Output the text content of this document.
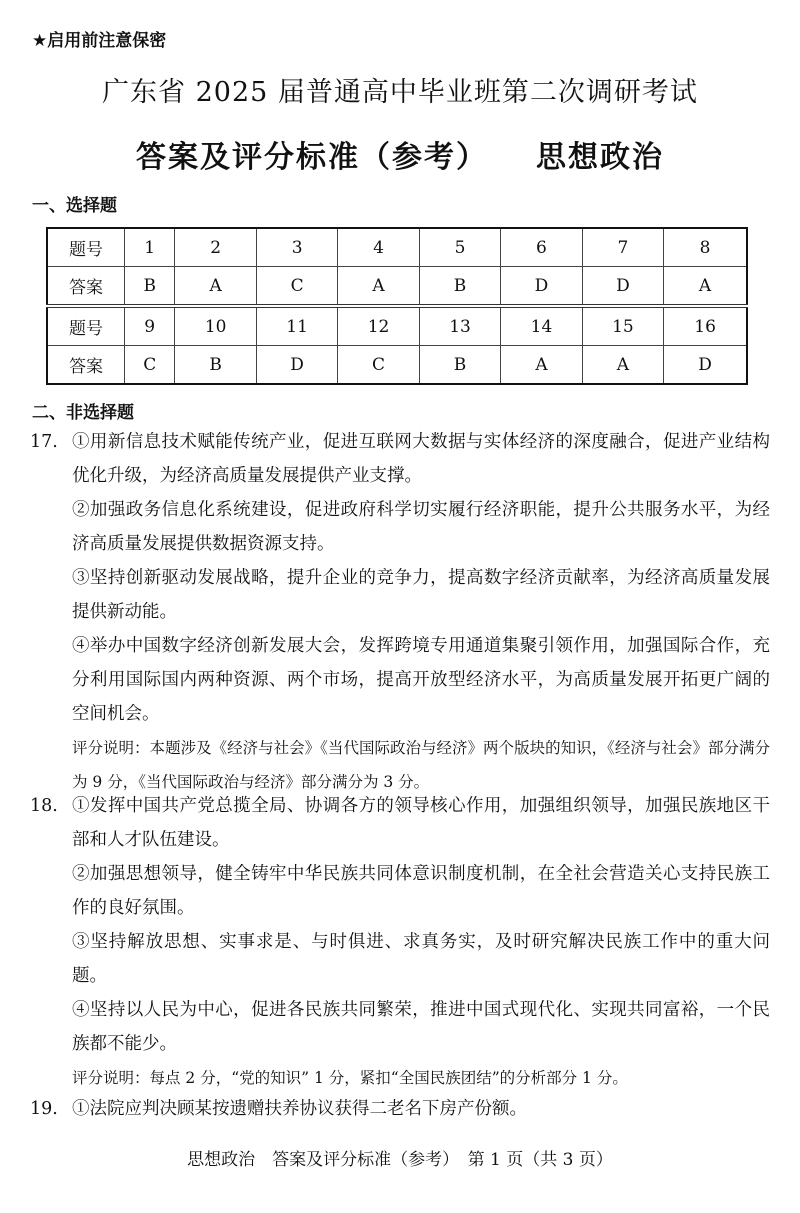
★启用前注意保密
广东省 2025 届普通高中毕业班第二次调研考试
答案及评分标准（参考） 思想政治
一、选择题
题号	1	2	3	4	5	6	7	8
答案	B	A	C	A	B	D	D	A
题号	9	10	11	12	13	14	15	16
答案	C	B	D	C	B	A	A	D
二、非选择题
17. ①用新信息技术赋能传统产业，促进互联网大数据与实体经济的深度融合，促进产业结构优化升级，为经济高质量发展提供产业支撑。

②加强政务信息化系统建设，促进政府科学切实履行经济职能，提升公共服务水平，为经济高质量发展提供数据资源支持。

③坚持创新驱动发展战略，提升企业的竞争力，提高数字经济贡献率，为经济高质量发展提供新动能。

④举办中国数字经济创新发展大会，发挥跨境专用通道集聚引领作用，加强国际合作，充分利用国际国内两种资源、两个市场，提高开放型经济水平，为高质量发展开拓更广阔的空间机会。

评分说明：本题涉及《经济与社会》《当代国际政治与经济》两个版块的知识，《经济与社会》部分满分为 9 分，《当代国际政治与经济》部分满分为 3 分。

18. ①发挥中国共产党总揽全局、协调各方的领导核心作用，加强组织领导，加强民族地区干部和人才队伍建设。

②加强思想领导，健全铸牢中华民族共同体意识制度机制，在全社会营造关心支持民族工作的良好氛围。

③坚持解放思想、实事求是、与时俱进、求真务实，及时研究解决民族工作中的重大问题。

④坚持以人民为中心，促进各民族共同繁荣，推进中国式现代化、实现共同富裕，一个民族都不能少。

评分说明：每点 2 分，“党的知识” 1 分，紧扣“全国民族团结”的分析部分 1 分。

19. ①法院应判决顾某按遗赠扶养协议获得二老名下房产份额。

思想政治　答案及评分标准（参考）　第 1 页（共 3 页）
